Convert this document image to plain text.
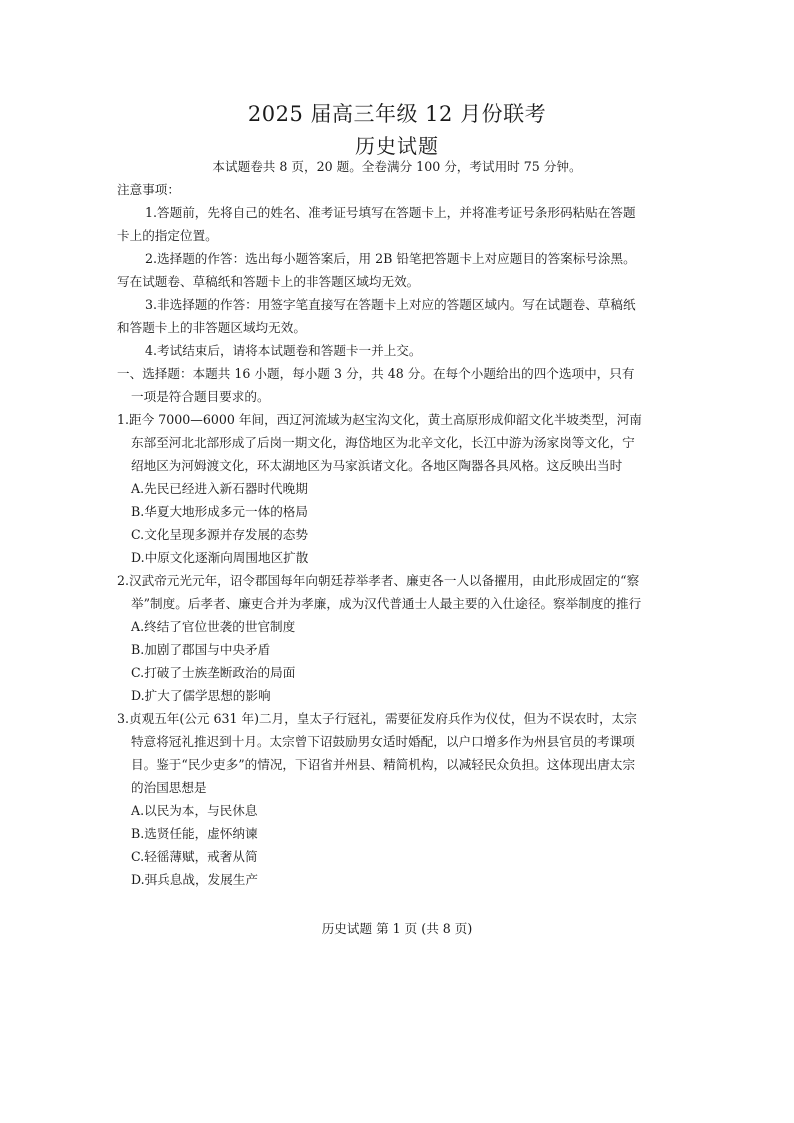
2025 届高三年级 12 月份联考
历史试题

本试题卷共 8 页，20 题。全卷满分 100 分，考试用时 75 分钟。

注意事项：

1.答题前，先将自己的姓名、准考证号填写在答题卡上，并将准考证号条形码粘贴在答题卡上的指定位置。

2.选择题的作答：选出每小题答案后，用 2B 铅笔把答题卡上对应题目的答案标号涂黑。写在试题卷、草稿纸和答题卡上的非答题区域均无效。

3.非选择题的作答：用签字笔直接写在答题卡上对应的答题区域内。写在试题卷、草稿纸和答题卡上的非答题区域均无效。

4.考试结束后，请将本试题卷和答题卡一并上交。

一、选择题：本题共 16 小题，每小题 3 分，共 48 分。在每个小题给出的四个选项中，只有一项是符合题目要求的。

1.距今 7000—6000 年间，西辽河流域为赵宝沟文化，黄土高原形成仰韶文化半坡类型，河南东部至河北北部形成了后岗一期文化，海岱地区为北辛文化，长江中游为汤家岗等文化，宁绍地区为河姆渡文化，环太湖地区为马家浜诸文化。各地区陶器各具风格。这反映出当时

A.先民已经进入新石器时代晚期

B.华夏大地形成多元一体的格局

C.文化呈现多源并存发展的态势

D.中原文化逐渐向周围地区扩散

2.汉武帝元光元年，诏令郡国每年向朝廷荐举孝者、廉吏各一人以备擢用，由此形成固定的“察举”制度。后孝者、廉吏合并为孝廉，成为汉代普通士人最主要的入仕途径。察举制度的推行

A.终结了官位世袭的世官制度

B.加剧了郡国与中央矛盾

C.打破了士族垄断政治的局面

D.扩大了儒学思想的影响

3.贞观五年(公元 631 年)二月，皇太子行冠礼，需要征发府兵作为仪仗，但为不误农时，太宗特意将冠礼推迟到十月。太宗曾下诏鼓励男女适时婚配，以户口增多作为州县官员的考课项目。鉴于“民少吏多”的情况，下诏省并州县、精简机构，以减轻民众负担。这体现出唐太宗的治国思想是

A.以民为本，与民休息

B.选贤任能，虚怀纳谏

C.轻徭薄赋，戒奢从简

D.弭兵息战，发展生产

历史试题 第 1 页 (共 8 页)
